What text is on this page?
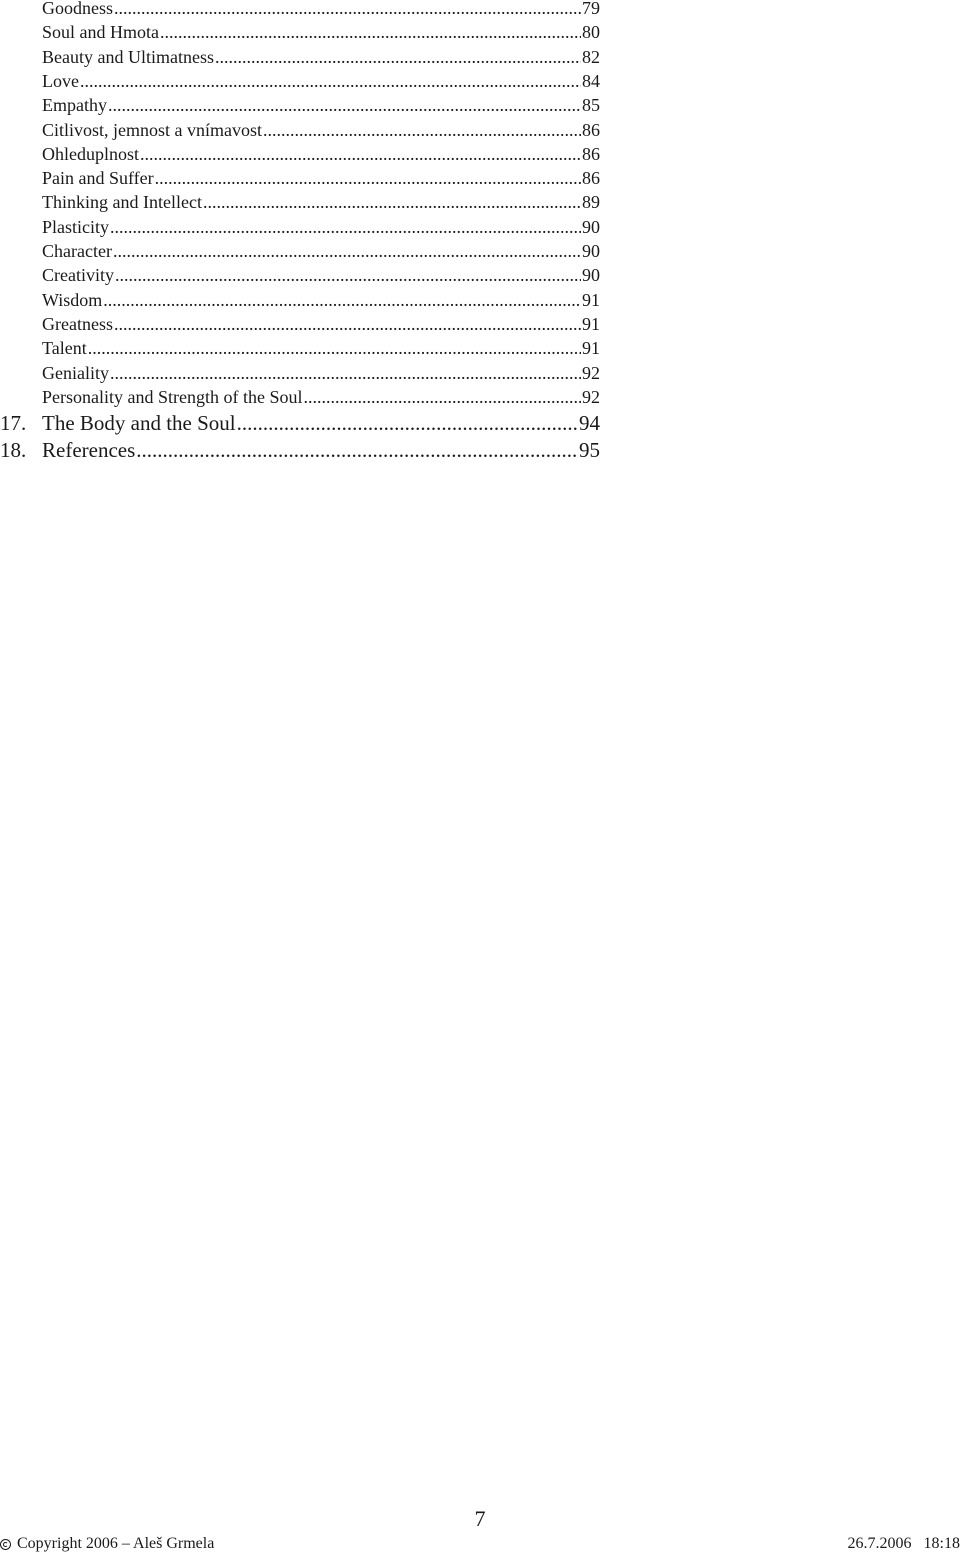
Goodness .....	79
Soul and Hmota .....	80
Beauty and Ultimatness .....	82
Love .....	84
Empathy .....	85
Citlivost, jemnost a vnímavost .....	86
Ohleduplnost .....	86
Pain and Suffer .....	86
Thinking and Intellect .....	89
Plasticity .....	90
Character .....	90
Creativity .....	90
Wisdom .....	91
Greatness .....	91
Talent .....	91
Geniality .....	92
Personality and Strength of the Soul .....	92
17. The Body and the Soul .....	94
18. References .....	95
7
Copyright 2006 – Aleš Grmela	26.7.2006   18:18
